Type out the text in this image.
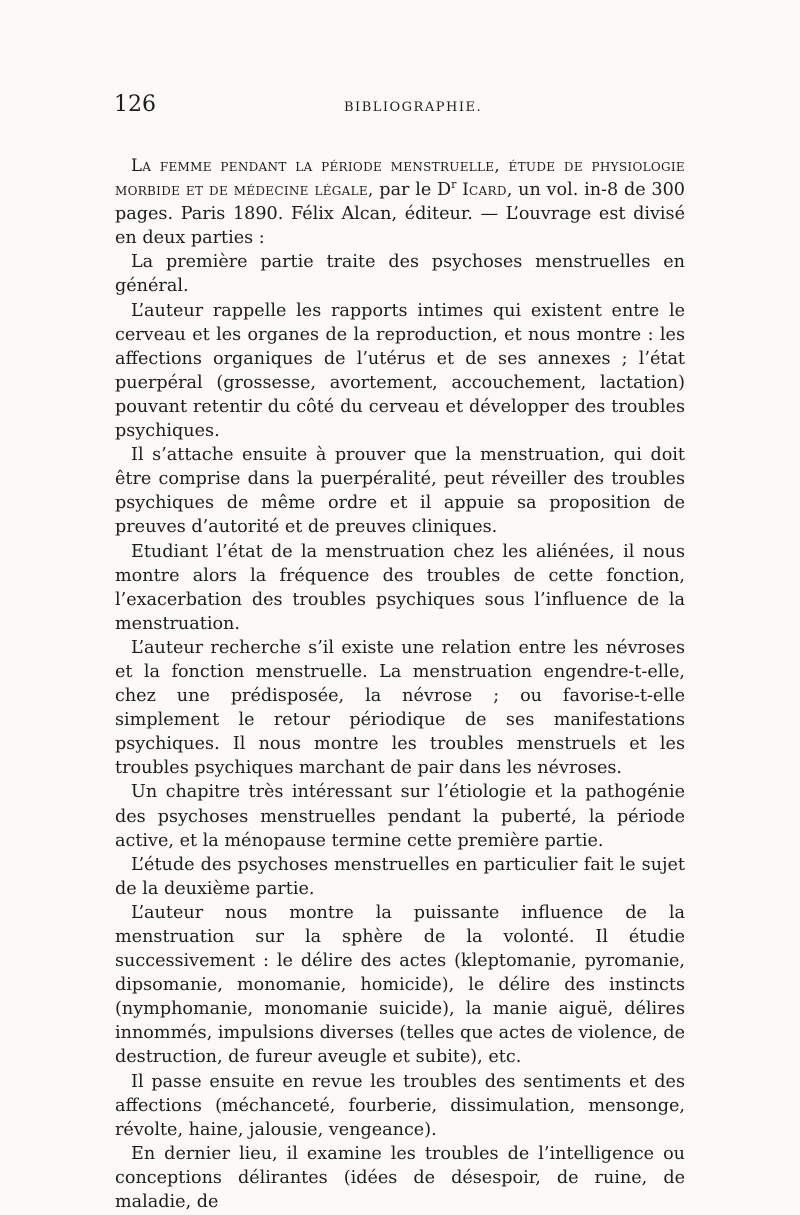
126	BIBLIOGRAPHIE.

La femme pendant la période menstruelle, étude de physiologie morbide et de médecine légale, par le $D^r$ Icard, un vol. in-8 de 300 pages. Paris 1890. Félix Alcan, éditeur. — L’ouvrage est divisé en deux parties :

La première partie traite des psychoses menstruelles en général.

L’auteur rappelle les rapports intimes qui existent entre le cerveau et les organes de la reproduction, et nous montre : les affections organiques de l’utérus et de ses annexes ; l’état puerpéral (grossesse, avortement, accouchement, lactation) pouvant retentir du côté du cerveau et développer des troubles psychiques.

Il s’attache ensuite à prouver que la menstruation, qui doit être comprise dans la puerpéralité, peut réveiller des troubles psychiques de même ordre et il appuie sa proposition de preuves d’autorité et de preuves cliniques.

Etudiant l’état de la menstruation chez les aliénées, il nous montre alors la fréquence des troubles de cette fonction, l’exacerbation des troubles psychiques sous l’influence de la menstruation.

L’auteur recherche s’il existe une relation entre les névroses et la fonction menstruelle. La menstruation engendre-t-elle, chez une prédisposée, la névrose ; ou favorise-t-elle simplement le retour périodique de ses manifestations psychiques. Il nous montre les troubles menstruels et les troubles psychiques marchant de pair dans les névroses.

Un chapitre très intéressant sur l’étiologie et la pathogénie des psychoses menstruelles pendant la puberté, la période active, et la ménopause termine cette première partie.

L’étude des psychoses menstruelles en particulier fait le sujet de la deuxième partie.

L’auteur nous montre la puissante influence de la menstruation sur la sphère de la volonté. Il étudie successivement : le délire des actes (kleptomanie, pyromanie, dipsomanie, monomanie, homicide), le délire des instincts (nymphomanie, monomanie suicide), la manie aiguë, délires innommés, impulsions diverses (telles que actes de violence, de destruction, de fureur aveugle et subite), etc.

Il passe ensuite en revue les troubles des sentiments et des affections (méchanceté, fourberie, dissimulation, mensonge, révolte, haine, jalousie, vengeance).

En dernier lieu, il examine les troubles de l’intelligence ou conceptions délirantes (idées de désespoir, de ruine, de maladie, de
